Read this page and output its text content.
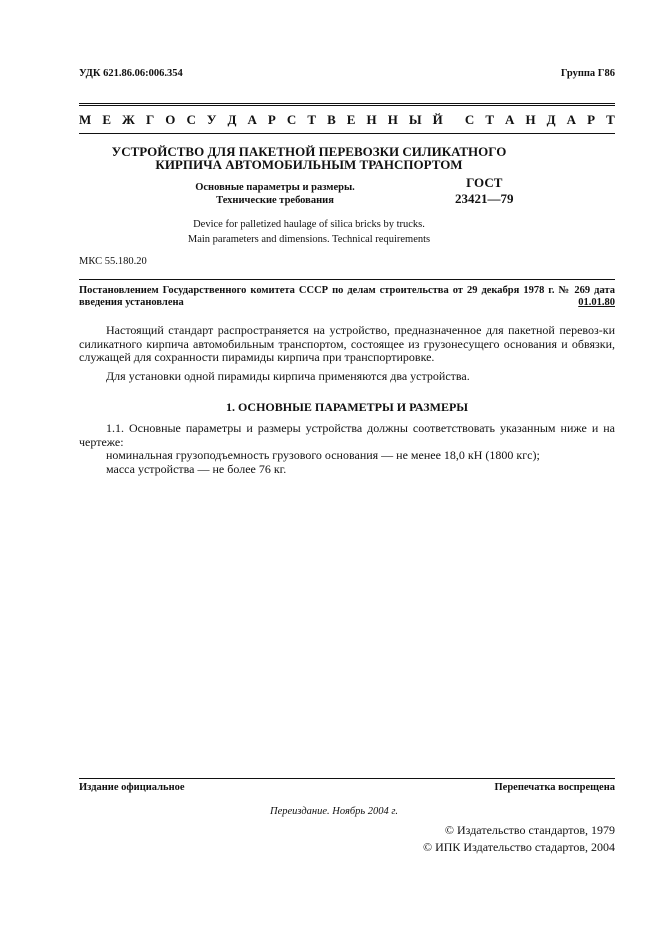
УДК 621.86.06:006.354	Группа Г86
М Е Ж Г О С У Д А Р С Т В Е Н Н Ы Й С Т А Н Д А Р Т
УСТРОЙСТВО ДЛЯ ПАКЕТНОЙ ПЕРЕВОЗКИ СИЛИКАТНОГО
КИРПИЧА АВТОМОБИЛЬНЫМ ТРАНСПОРТОМ
Основные параметры и размеры.
Технические требования
ГОСТ
23421—79
Device for palletized haulage of silica bricks by trucks.
Main parameters and dimensions. Technical requirements
МКС 55.180.20
Постановлением Государственного комитета СССР по делам строительства от 29 декабря 1978 г. № 269 дата введения установлена	01.01.80
Настоящий стандарт распространяется на устройство, предназначенное для пакетной перевоз-ки силикатного кирпича автомобильным транспортом, состоящее из грузонесущего основания и обвязки, служащей для сохранности пирамиды кирпича при транспортировке.
Для установки одной пирамиды кирпича применяются два устройства.
1. ОСНОВНЫЕ ПАРАМЕТРЫ И РАЗМЕРЫ
1.1. Основные параметры и размеры устройства должны соответствовать указанным ниже и на чертеже:
номинальная грузоподъемность грузового основания — не менее 18,0 кН (1800 кгс);
масса устройства — не более 76 кг.
Издание официальное	Перепечатка воспрещена
Переиздание. Ноябрь 2004 г.
© Издательство стандартов, 1979
© ИПК Издательство стадартов, 2004
